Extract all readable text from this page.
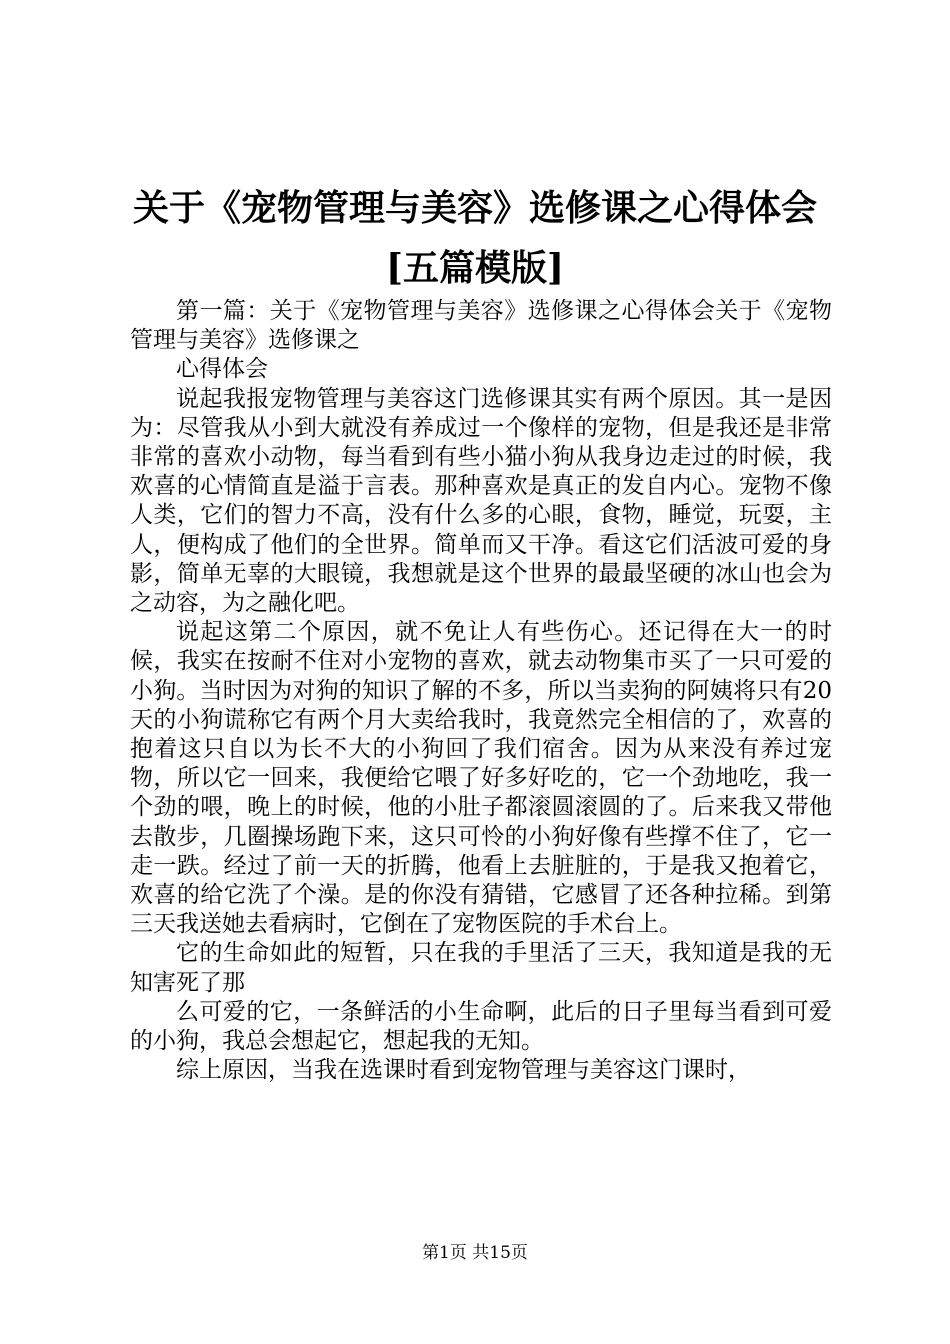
关于《宠物管理与美容》选修课之心得体会
[五篇模版]

第一篇：关于《宠物管理与美容》选修课之心得体会关于《宠物管理与美容》选修课之

心得体会

说起我报宠物管理与美容这门选修课其实有两个原因。其一是因为：尽管我从小到大就没有养成过一个像样的宠物，但是我还是非常非常的喜欢小动物，每当看到有些小猫小狗从我身边走过的时候，我欢喜的心情简直是溢于言表。那种喜欢是真正的发自内心。宠物不像人类，它们的智力不高，没有什么多的心眼，食物，睡觉，玩耍，主人，便构成了他们的全世界。简单而又干净。看这它们活波可爱的身影，简单无辜的大眼镜，我想就是这个世界的最最坚硬的冰山也会为之动容，为之融化吧。

说起这第二个原因，就不免让人有些伤心。还记得在大一的时候，我实在按耐不住对小宠物的喜欢，就去动物集市买了一只可爱的小狗。当时因为对狗的知识了解的不多，所以当卖狗的阿姨将只有20天的小狗谎称它有两个月大卖给我时，我竟然完全相信的了，欢喜的抱着这只自以为长不大的小狗回了我们宿舍。因为从来没有养过宠物，所以它一回来，我便给它喂了好多好吃的，它一个劲地吃，我一个劲的喂，晚上的时候，他的小肚子都滚圆滚圆的了。后来我又带他去散步，几圈操场跑下来，这只可怜的小狗好像有些撑不住了，它一走一跌。经过了前一天的折腾，他看上去脏脏的，于是我又抱着它，欢喜的给它洗了个澡。是的你没有猜错，它感冒了还各种拉稀。到第三天我送她去看病时，它倒在了宠物医院的手术台上。

它的生命如此的短暂，只在我的手里活了三天，我知道是我的无知害死了那

么可爱的它，一条鲜活的小生命啊，此后的日子里每当看到可爱的小狗，我总会想起它，想起我的无知。

综上原因，当我在选课时看到宠物管理与美容这门课时，

第1页 共15页
